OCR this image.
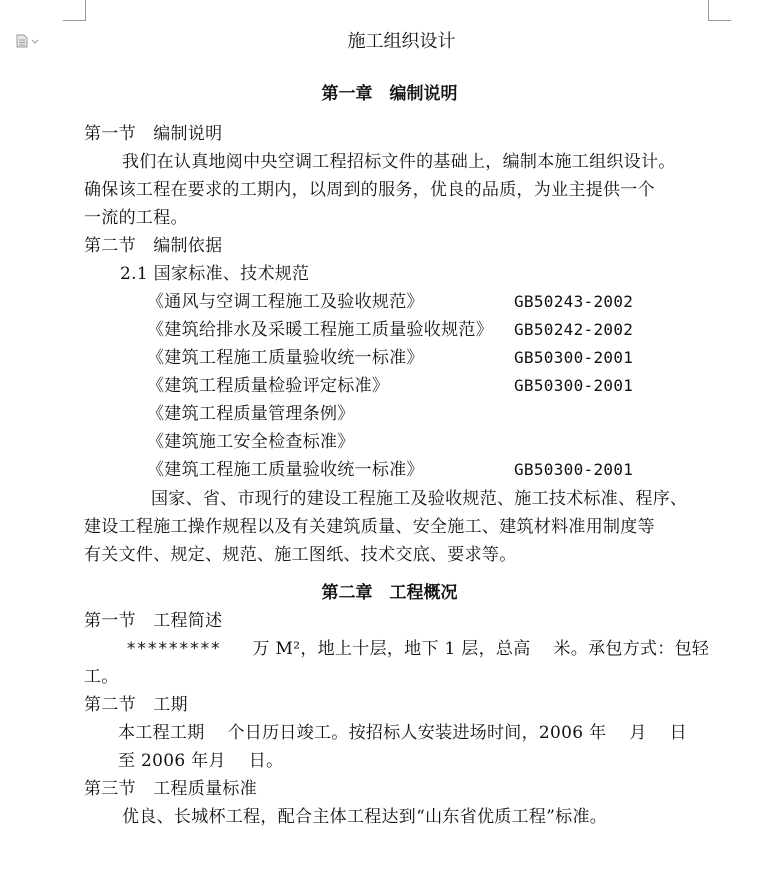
施工组织设计
第一章　编制说明
第一节　编制说明
我们在认真地阅中央空调工程招标文件的基础上，编制本施工组织设计。
确保该工程在要求的工期内，以周到的服务，优良的品质，为业主提供一个
一流的工程。
第二节　编制依据
2.1 国家标准、技术规范
《通风与空调工程施工及验收规范》	GB50243-2002
《建筑给排水及采暖工程施工质量验收规范》 GB50242-2002
《建筑工程施工质量验收统一标准》	GB50300-2001
《建筑工程质量检验评定标准》	GB50300-2001
《建筑工程质量管理条例》
《建筑施工安全检查标准》
《建筑工程施工质量验收统一标准》	GB50300-2001
国家、省、市现行的建设工程施工及验收规范、施工技术标准、程序、
建设工程施工操作规程以及有关建筑质量、安全施工、建筑材料准用制度等
有关文件、规定、规范、施工图纸、技术交底、要求等。
第二章　工程概况
第一节　工程简述
********* 万 M²，地上十层，地下 1 层，总高　 米。承包方式：包轻
工。
第二节　工期
本工程工期　 个日历日竣工。按招标人安装进场时间，2006 年　 月　 日
至 2006 年月　 日。
第三节　工程质量标准
优良、长城杯工程，配合主体工程达到“山东省优质工程”标准。
